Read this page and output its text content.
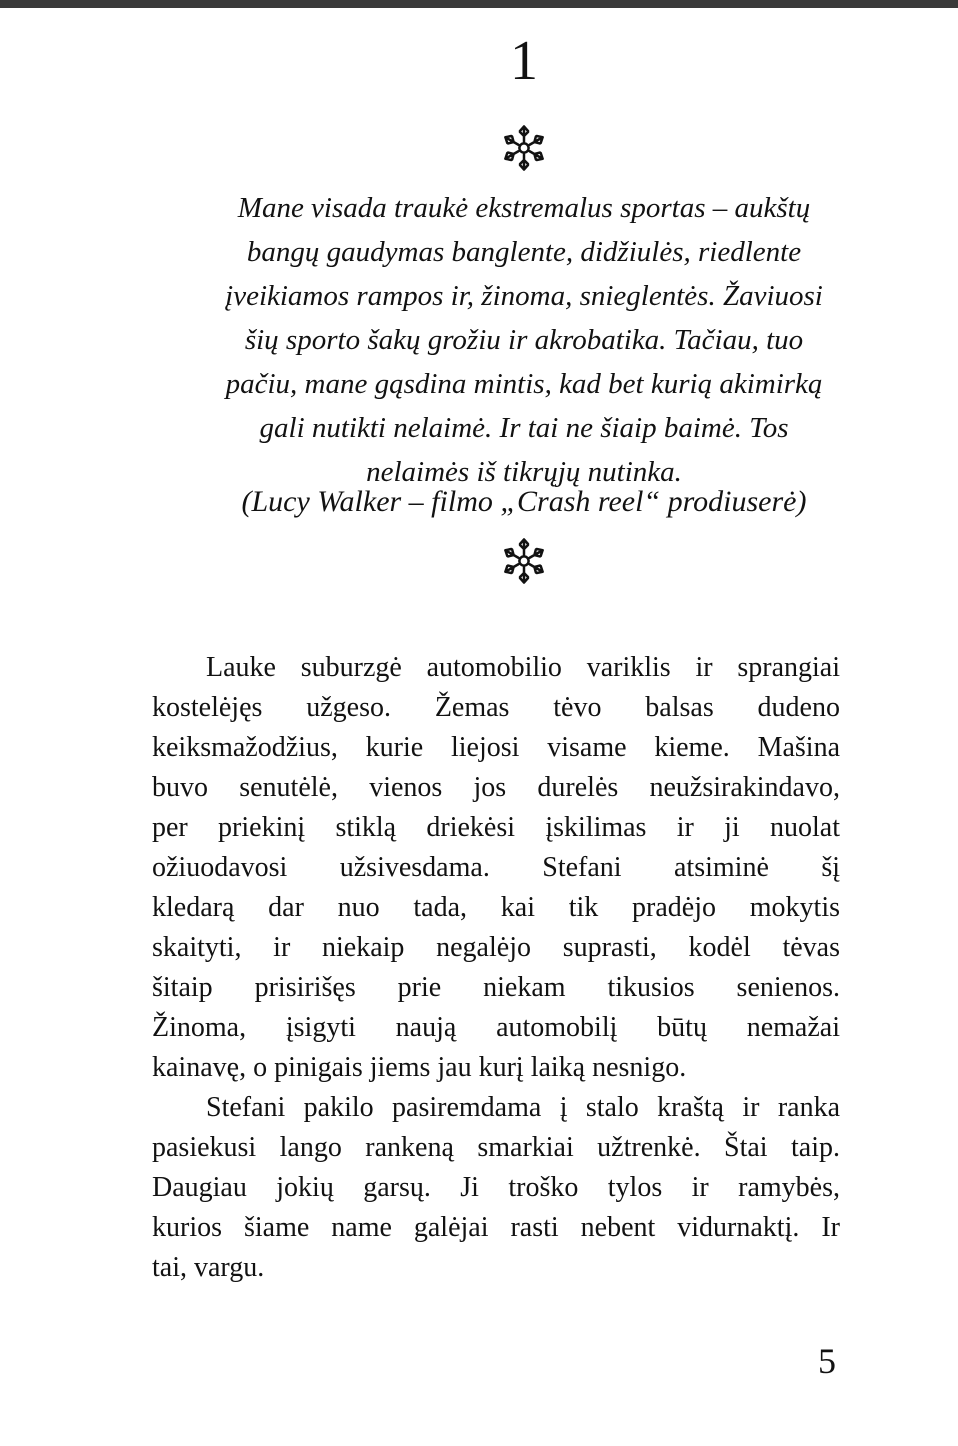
1
Mane visada traukė ekstremalus sportas – aukštų
bangų gaudymas banglente, didžiulės, riedlente
įveikiamos rampos ir, žinoma, snieglentės. Žaviuosi
šių sporto šakų grožiu ir akrobatika. Tačiau, tuo
pačiu, mane gąsdina mintis, kad bet kurią akimirką
gali nutikti nelaimė. Ir tai ne šiaip baimė. Tos
nelaimės iš tikrųjų nutinka.
(Lucy Walker – filmo „Crash reel“ prodiuserė)
Lauke suburzgė automobilio variklis ir sprangiai
kostelėjęs užgeso. Žemas tėvo balsas dudeno
keiksmažodžius, kurie liejosi visame kieme. Mašina
buvo senutėlė, vienos jos durelės neužsirakindavo,
per priekinį stiklą driekėsi įskilimas ir ji nuolat
ožiuodavosi užsivesdama. Stefani atsiminė šį
kledarą dar nuo tada, kai tik pradėjo mokytis
skaityti, ir niekaip negalėjo suprasti, kodėl tėvas
šitaip prisirišęs prie niekam tikusios senienos.
Žinoma, įsigyti naują automobilį būtų nemažai
kainavę, o pinigais jiems jau kurį laiką nesnigo.
Stefani pakilo pasiremdama į stalo kraštą ir ranka
pasiekusi lango rankeną smarkiai užtrenkė. Štai taip.
Daugiau jokių garsų. Ji troško tylos ir ramybės,
kurios šiame name galėjai rasti nebent vidurnaktį. Ir
tai, vargu.
5
